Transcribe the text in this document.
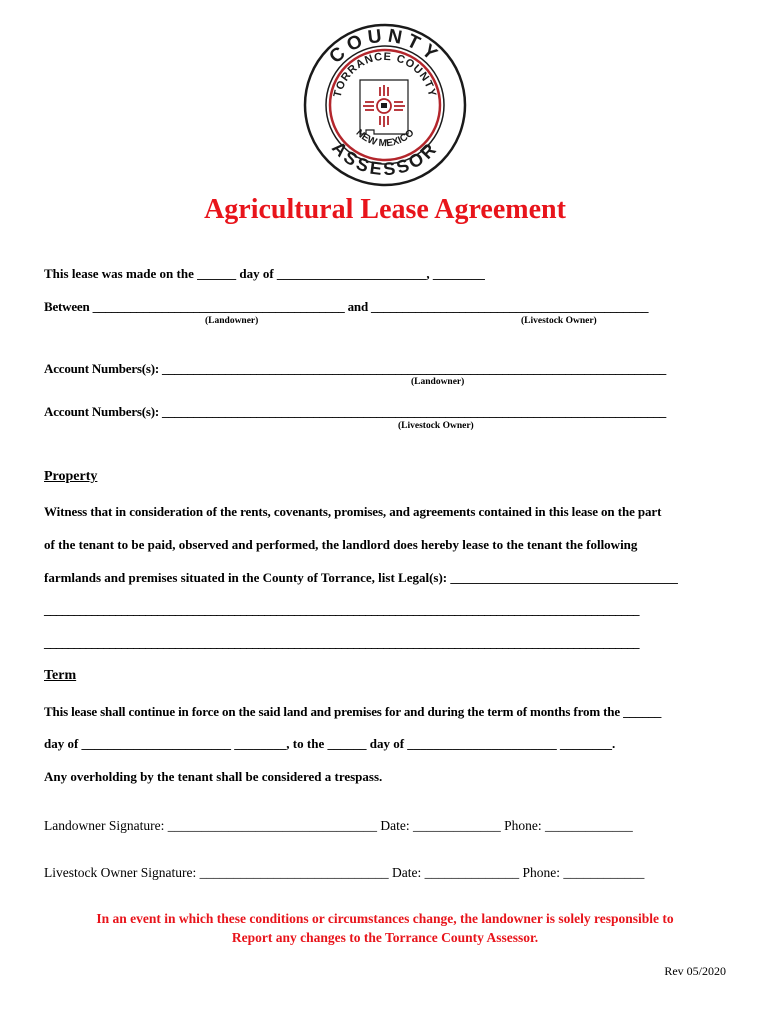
COUNTY
TORRANCE COUNTY
NEW MEXICO
ASSESSOR
Agricultural Lease Agreement
This lease was made on the ______ day of _______________________, ________
Between ________________________________________ and ____________________________________________
(Landowner)	(Livestock Owner)
Account Numbers(s): ________________________________________________________________________________
(Landowner)
Account Numbers(s): ________________________________________________________________________________
(Livestock Owner)
Property
Witness that in consideration of the rents, covenants, promises, and agreements contained in this lease on the part
of the tenant to be paid, observed and performed, the landlord does hereby lease to the tenant the following
farmlands and premises situated in the County of Torrance, list Legal(s): ___________________________________
____________________________________________________________________________________________________
____________________________________________________________________________________________________
Term
This lease shall continue in force on the said land and premises for and during the term of months from the ______
day of _______________________ ________, to the ______ day of _______________________ ________.
Any overholding by the tenant shall be considered a trespass.
Landowner Signature: _______________________________ Date: _____________ Phone: _____________
Livestock Owner Signature: ____________________________ Date: ______________ Phone: ____________
In an event in which these conditions or circumstances change, the landowner is solely responsible to
Report any changes to the Torrance County Assessor.
Rev 05/2020
